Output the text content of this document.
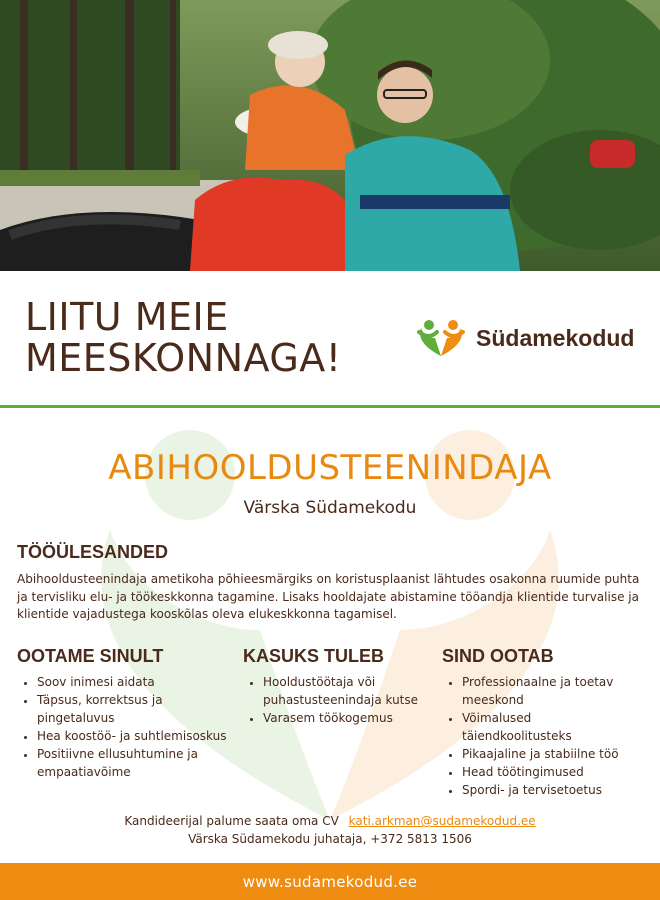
LIITU MEIE
MEESKONNAGA!	Südamekodud
ABIHOOLDUSTEENINDAJA
Värska Südamekodu
TÖÖÜLESANDED

Abihooldusteenindaja ametikoha põhieesmärgiks on koristusplaanist lähtudes osakonna ruumide puhta ja tervisliku elu- ja töökeskkonna tagamine. Lisaks hooldajate abistamine tööandja klientide turvalise ja klientide vajadustega kooskõlas oleva elukeskkonna tagamisel.

OOTAME SINULT
• Soov inimesi aidata
• Täpsus, korrektsus ja pingetaluvus
• Hea koostöö- ja suhtlemisoskus
• Positiivne ellusuhtumine ja empaatiavõime
KASUKS TULEB
• Hooldustöötaja või puhastusteenindaja kutse
• Varasem töökogemus
SIND OOTAB
• Professionaalne ja toetav meeskond
• Võimalused täiendkoolitusteks
• Pikaajaline ja stabiilne töö
• Head töötingimused
• Spordi- ja tervisetoetus
Kandideerijal palume saata oma CV kati.arkman@sudamekodud.ee
Värska Südamekodu juhataja, +372 5813 1506
www.sudamekodud.ee
